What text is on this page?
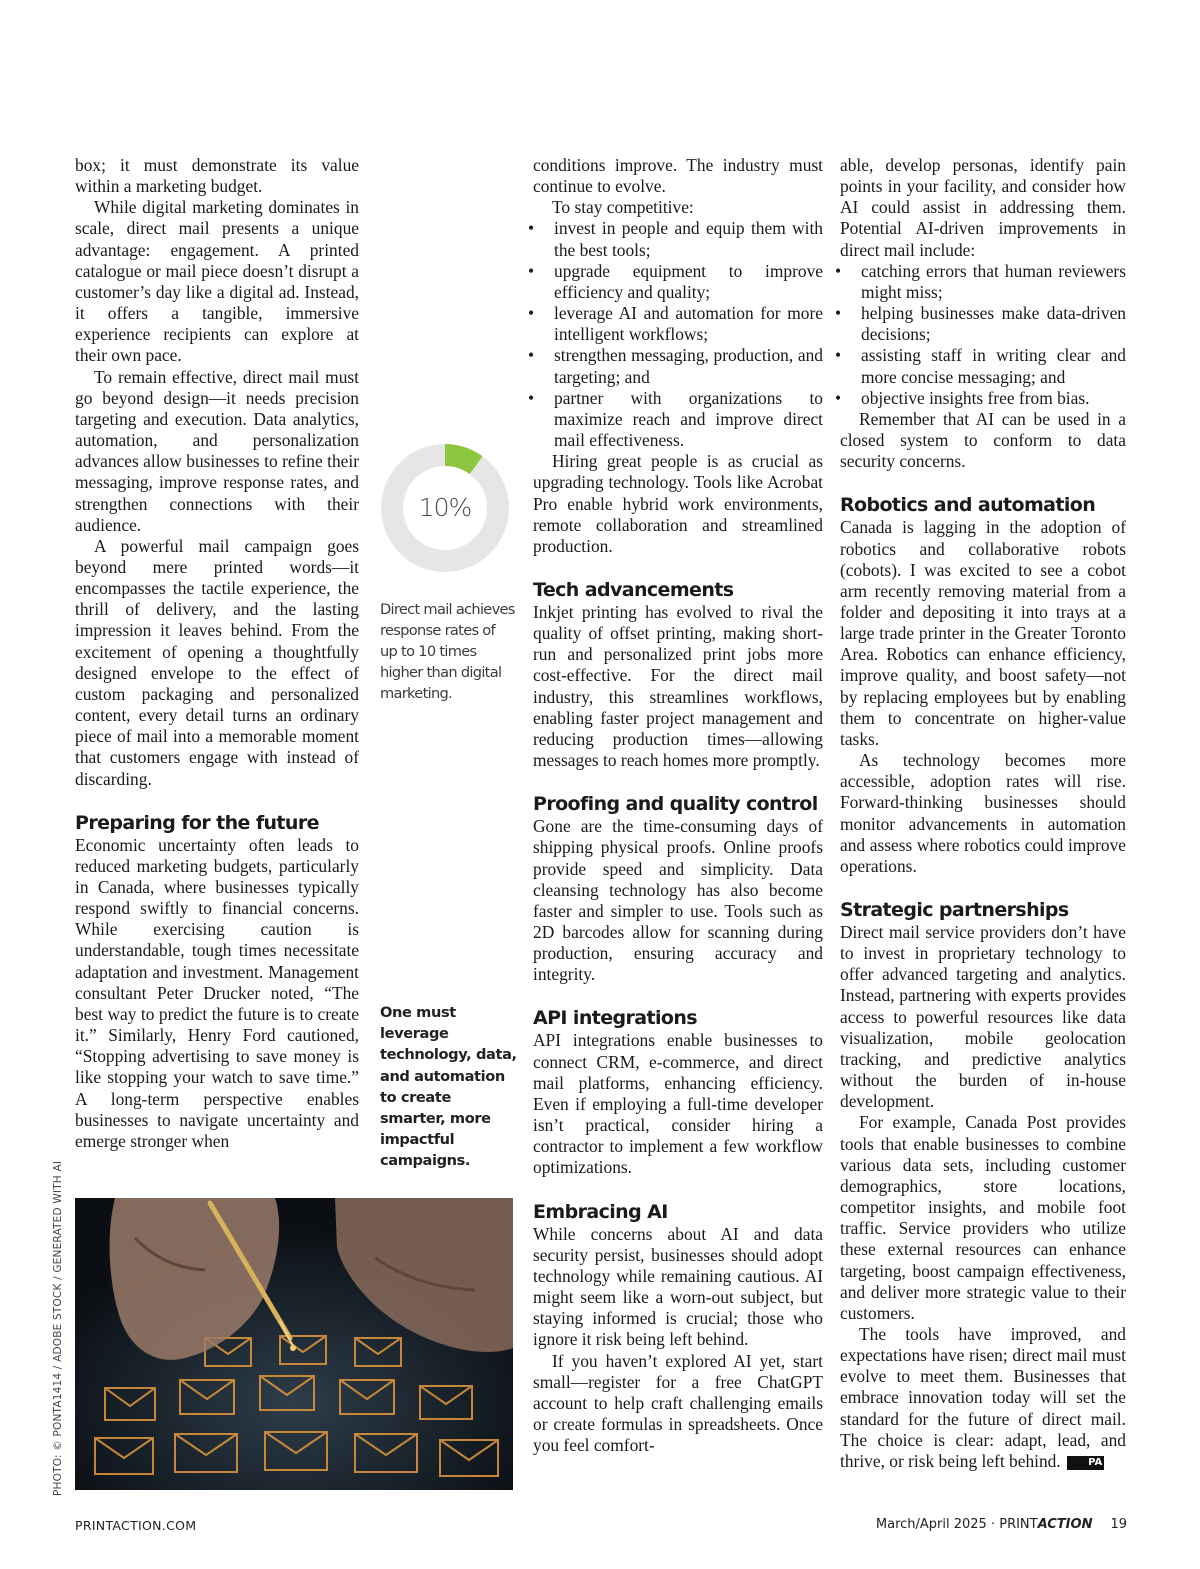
box; it must demonstrate its value within a marketing budget.

While digital marketing dominates in scale, direct mail presents a unique advantage: engagement. A printed catalogue or mail piece doesn’t disrupt a customer’s day like a digital ad. Instead, it offers a tangible, immersive experience recipients can explore at their own pace.

To remain effective, direct mail must go beyond design—it needs precision targeting and execution. Data analytics, automation, and personalization advances allow businesses to refine their messaging, improve response rates, and strengthen connections with their audience.

A powerful mail campaign goes beyond mere printed words—it encompasses the tactile experience, the thrill of delivery, and the lasting impression it leaves behind. From the excitement of opening a thoughtfully designed envelope to the effect of custom packaging and personalized content, every detail turns an ordinary piece of mail into a memorable moment that customers engage with instead of discarding.

Preparing for the future

Economic uncertainty often leads to reduced marketing budgets, particularly in Canada, where businesses typically respond swiftly to financial concerns. While exercising caution is understandable, tough times necessitate adaptation and investment. Management consultant Peter Drucker noted, “The best way to predict the future is to create it.” Similarly, Henry Ford cautioned, “Stopping advertising to save money is like stopping your watch to save time.” A long-term perspective enables businesses to navigate uncertainty and emerge stronger when

10%
Direct mail achieves response rates of up to 10 times higher than digital marketing.
One must leverage technology, data, and automation to create smarter, more impactful campaigns.
PHOTO: © PONTA1414 / ADOBE STOCK / GENERATED WITH AI

conditions improve. The industry must continue to evolve.

To stay competitive:

• invest in people and equip them with the best tools;
• upgrade equipment to improve efficiency and quality;
• leverage AI and automation for more intelligent workflows;
• strengthen messaging, production, and targeting; and
• partner with organizations to maximize reach and improve direct mail effectiveness.

Hiring great people is as crucial as upgrading technology. Tools like Acrobat Pro enable hybrid work environments, remote collaboration and streamlined production.

Tech advancements

Inkjet printing has evolved to rival the quality of offset printing, making short-run and personalized print jobs more cost-effective. For the direct mail industry, this streamlines workflows, enabling faster project management and reducing production times—allowing messages to reach homes more promptly.

Proofing and quality control

Gone are the time-consuming days of shipping physical proofs. Online proofs provide speed and simplicity. Data cleansing technology has also become faster and simpler to use. Tools such as 2D barcodes allow for scanning during production, ensuring accuracy and integrity.

API integrations

API integrations enable businesses to connect CRM, e-commerce, and direct mail platforms, enhancing efficiency. Even if employing a full-time developer isn’t practical, consider hiring a contractor to implement a few workflow optimizations.

Embracing AI

While concerns about AI and data security persist, businesses should adopt technology while remaining cautious. AI might seem like a worn-out subject, but staying informed is crucial; those who ignore it risk being left behind.

If you haven’t explored AI yet, start small—register for a free ChatGPT account to help craft challenging emails or create formulas in spreadsheets. Once you feel comfort-

able, develop personas, identify pain points in your facility, and consider how AI could assist in addressing them. Potential AI-driven improvements in direct mail include:

• catching errors that human reviewers might miss;
• helping businesses make data-driven decisions;
• assisting staff in writing clear and more concise messaging; and
• objective insights free from bias.

Remember that AI can be used in a closed system to conform to data security concerns.

Robotics and automation

Canada is lagging in the adoption of robotics and collaborative robots (cobots). I was excited to see a cobot arm recently removing material from a folder and depositing it into trays at a large trade printer in the Greater Toronto Area. Robotics can enhance efficiency, improve quality, and boost safety—not by replacing employees but by enabling them to concentrate on higher-value tasks.

As technology becomes more accessible, adoption rates will rise. Forward-thinking businesses should monitor advancements in automation and assess where robotics could improve operations.

Strategic partnerships

Direct mail service providers don’t have to invest in proprietary technology to offer advanced targeting and analytics. Instead, partnering with experts provides access to powerful resources like data visualization, mobile geolocation tracking, and predictive analytics without the burden of in-house development.

For example, Canada Post provides tools that enable businesses to combine various data sets, including customer demographics, store locations, competitor insights, and mobile foot traffic. Service providers who utilize these external resources can enhance targeting, boost campaign effectiveness, and deliver more strategic value to their customers.

The tools have improved, and expectations have risen; direct mail must evolve to meet them. Businesses that embrace innovation today will set the standard for the future of direct mail. The choice is clear: adapt, lead, and thrive, or risk being left behind.	PA

PRINTACTION.COM	March/April 2025 · PRINTACTION 19
